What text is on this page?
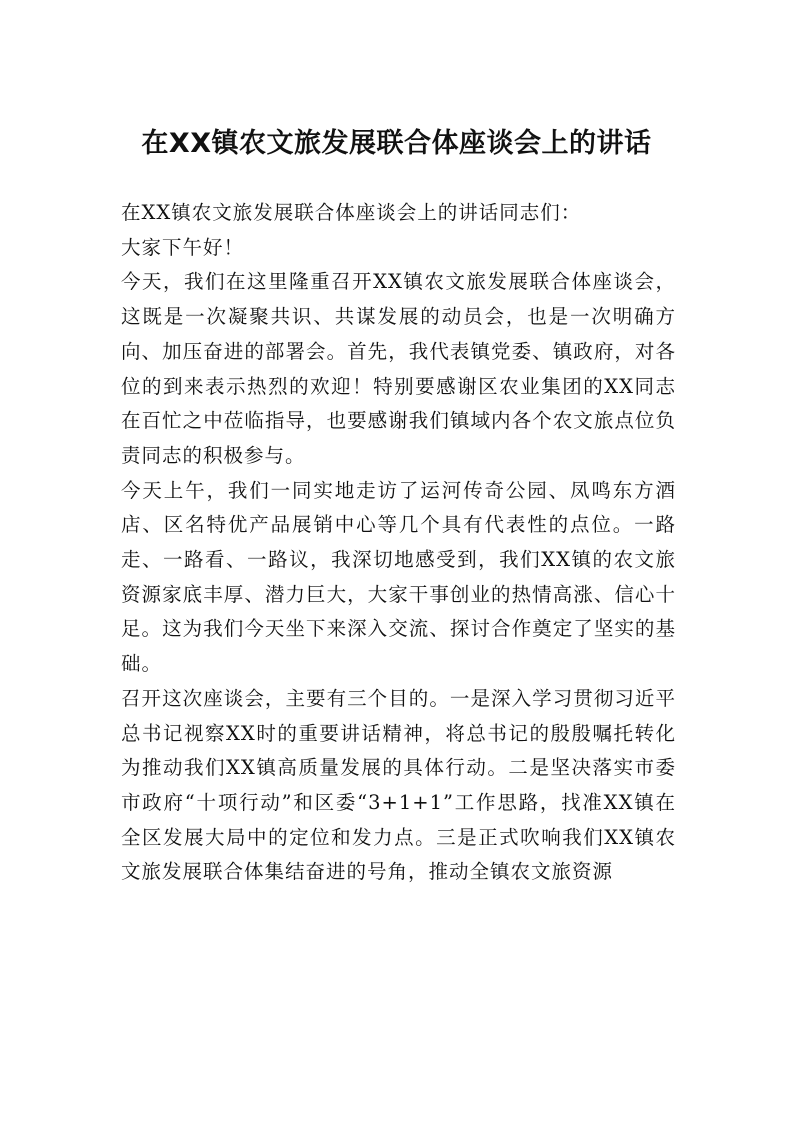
在XX镇农文旅发展联合体座谈会上的讲话

在XX镇农文旅发展联合体座谈会上的讲话同志们：

大家下午好！

今天，我们在这里隆重召开XX镇农文旅发展联合体座谈会，这既是一次凝聚共识、共谋发展的动员会，也是一次明确方向、加压奋进的部署会。首先，我代表镇党委、镇政府，对各位的到来表示热烈的欢迎！特别要感谢区农业集团的XX同志在百忙之中莅临指导，也要感谢我们镇域内各个农文旅点位负责同志的积极参与。

今天上午，我们一同实地走访了运河传奇公园、凤鸣东方酒店、区名特优产品展销中心等几个具有代表性的点位。一路走、一路看、一路议，我深切地感受到，我们XX镇的农文旅资源家底丰厚、潜力巨大，大家干事创业的热情高涨、信心十足。这为我们今天坐下来深入交流、探讨合作奠定了坚实的基础。

召开这次座谈会，主要有三个目的。一是深入学习贯彻习近平总书记视察XX时的重要讲话精神，将总书记的殷殷嘱托转化为推动我们XX镇高质量发展的具体行动。二是坚决落实市委市政府“十项行动”和区委“3+1+1”工作思路，找准XX镇在全区发展大局中的定位和发力点。三是正式吹响我们XX镇农文旅发展联合体集结奋进的号角，推动全镇农文旅资源
